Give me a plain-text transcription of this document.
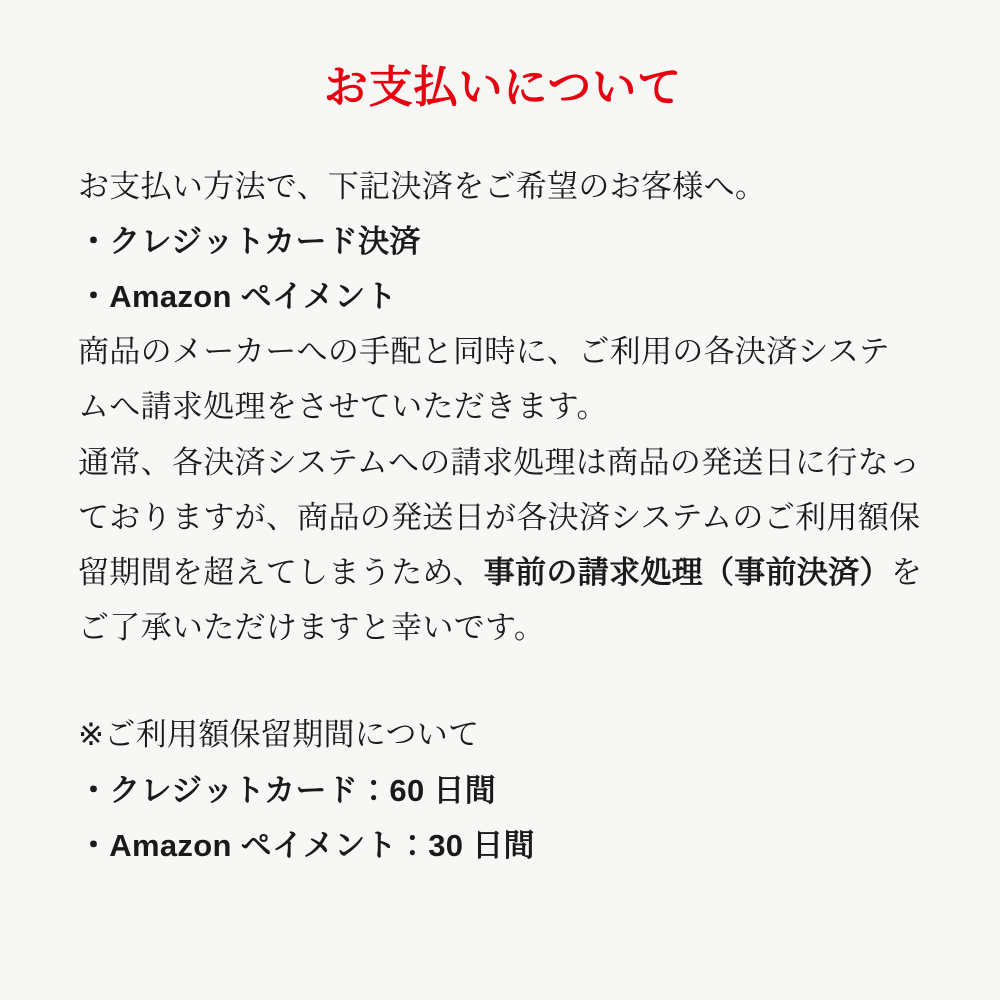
お支払いについて

お支払い方法で、下記決済をご希望のお客様へ。

・クレジットカード決済

・Amazon ペイメント

商品のメーカーへの手配と同時に、ご利用の各決済システ

ムへ請求処理をさせていただきます。

通常、各決済システムへの請求処理は商品の発送日に行なっておりますが、商品の発送日が各決済システムのご利用額保留期間を超えてしまうため、事前の請求処理（事前決済）をご了承いただけますと幸いです。

※ご利用額保留期間について

・クレジットカード：60 日間

・Amazon ペイメント：30 日間
